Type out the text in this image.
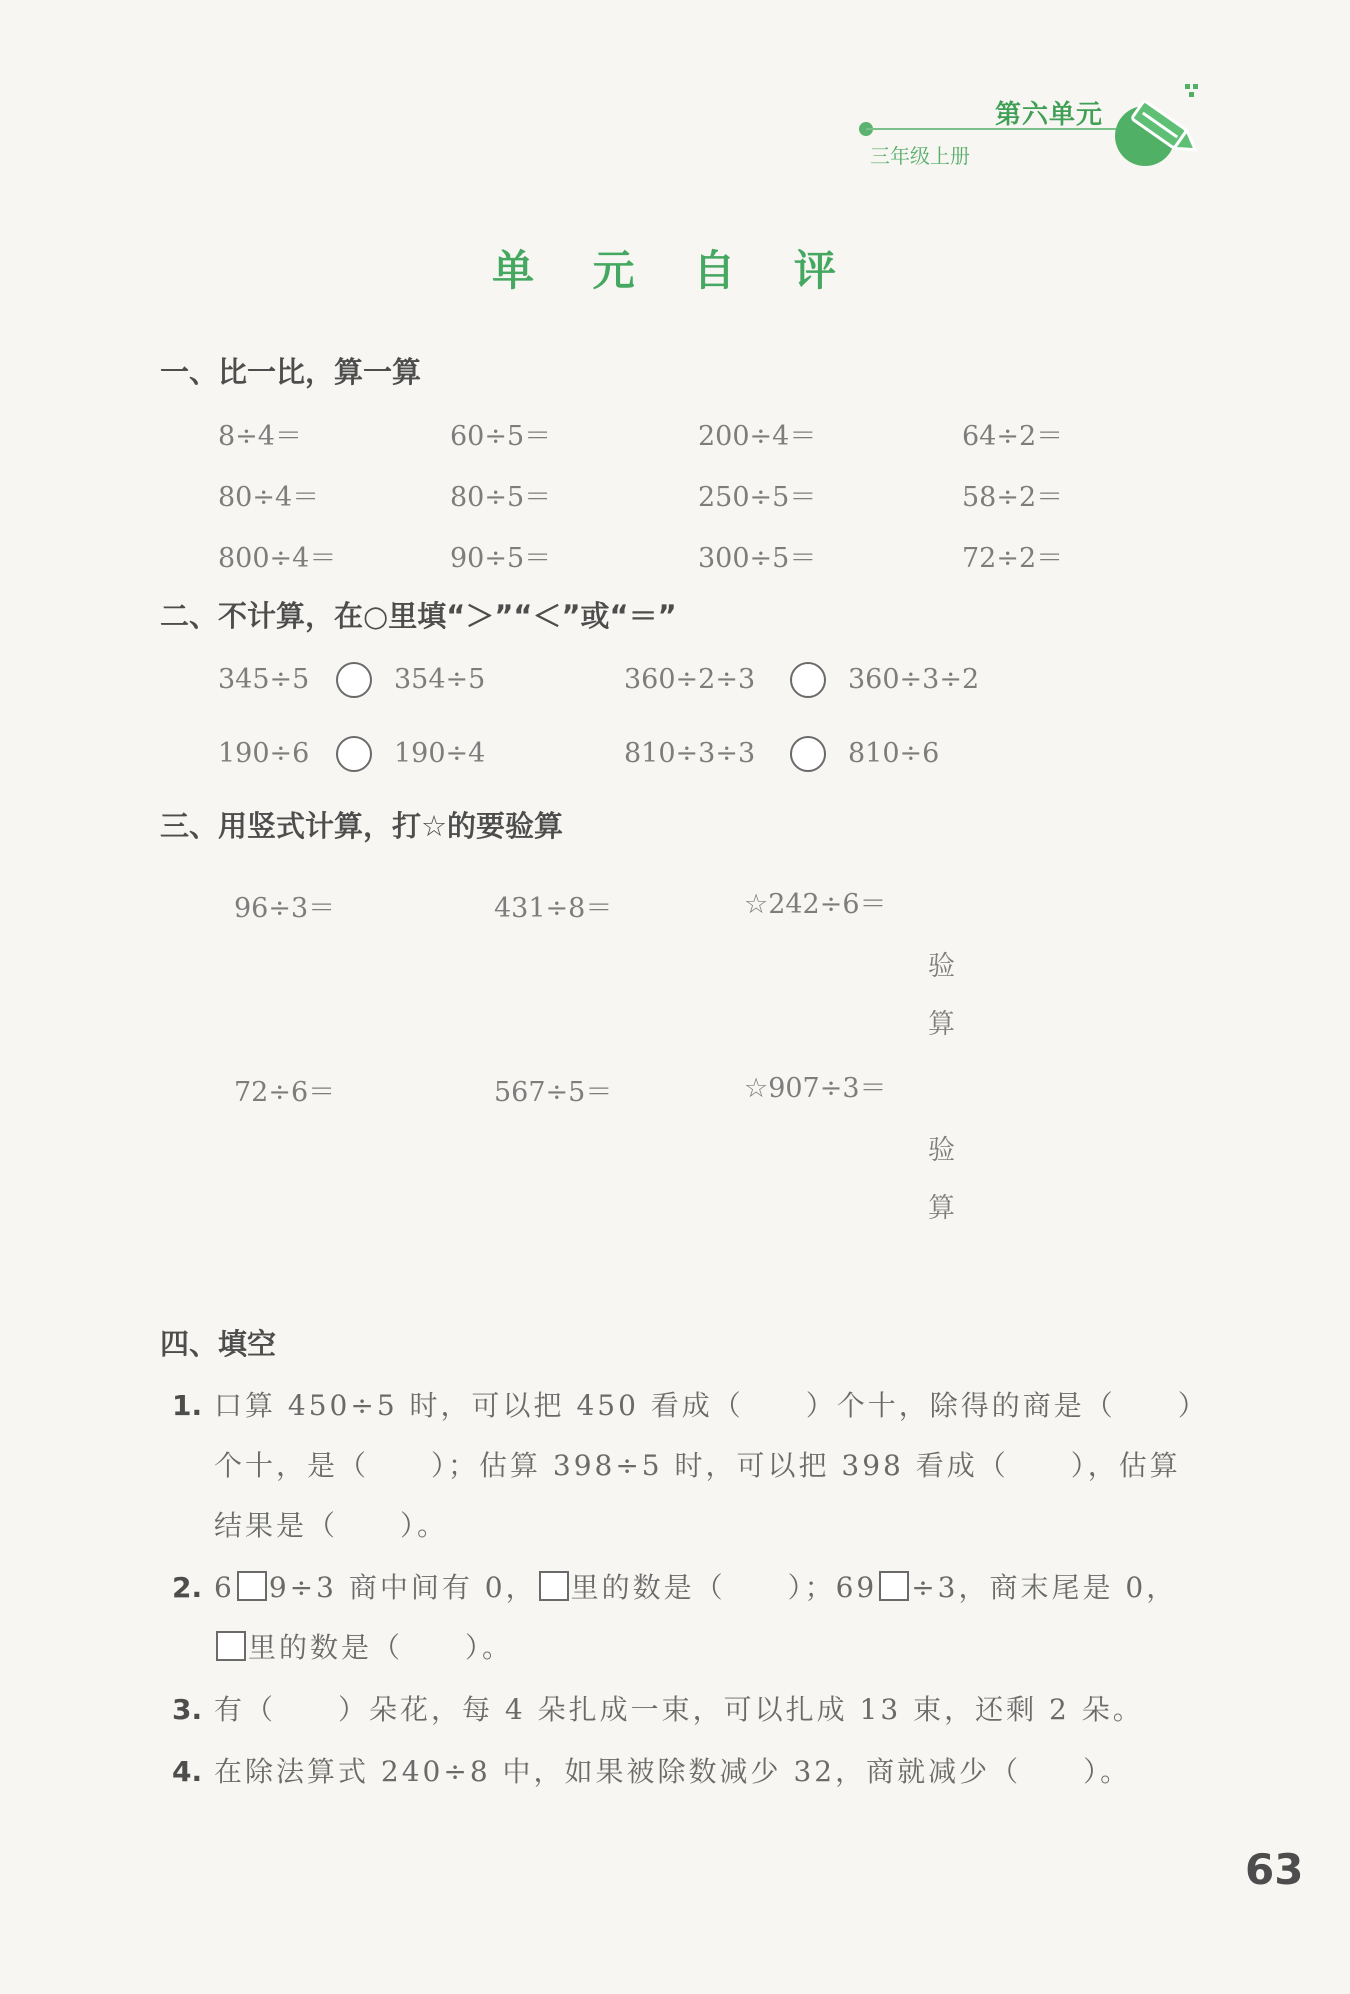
第六单元
三年级上册
单 元 自 评
一、比一比，算一算
8÷4＝	60÷5＝	200÷4＝	64÷2＝
80÷4＝	80÷5＝	250÷5＝	58÷2＝
800÷4＝	90÷5＝	300÷5＝	72÷2＝
二、不计算，在○里填“＞”“＜”或“＝”
345÷5	354÷5	360÷2÷3	360÷3÷2
190÷6	190÷4	810÷3÷3	810÷6
三、用竖式计算，打☆的要验算
96÷3＝	431÷8＝	☆242÷6＝
验
算
72÷6＝	567÷5＝	☆907÷3＝
验
算
四、填空
1. 口算 450÷5 时，可以把 450 看成（　　）个十，除得的商是（　　）
个十，是（　　）；估算 398÷5 时，可以把 398 看成（　　），估算
结果是（　　）。
2. 6 9÷3 商中间有 0， 里的数是（　　）；69 ÷3，商末尾是 0，
里的数是（　　）。
3. 有（　　）朵花，每 4 朵扎成一束，可以扎成 13 束，还剩 2 朵。
4. 在除法算式 240÷8 中，如果被除数减少 32，商就减少（　　）。
63
